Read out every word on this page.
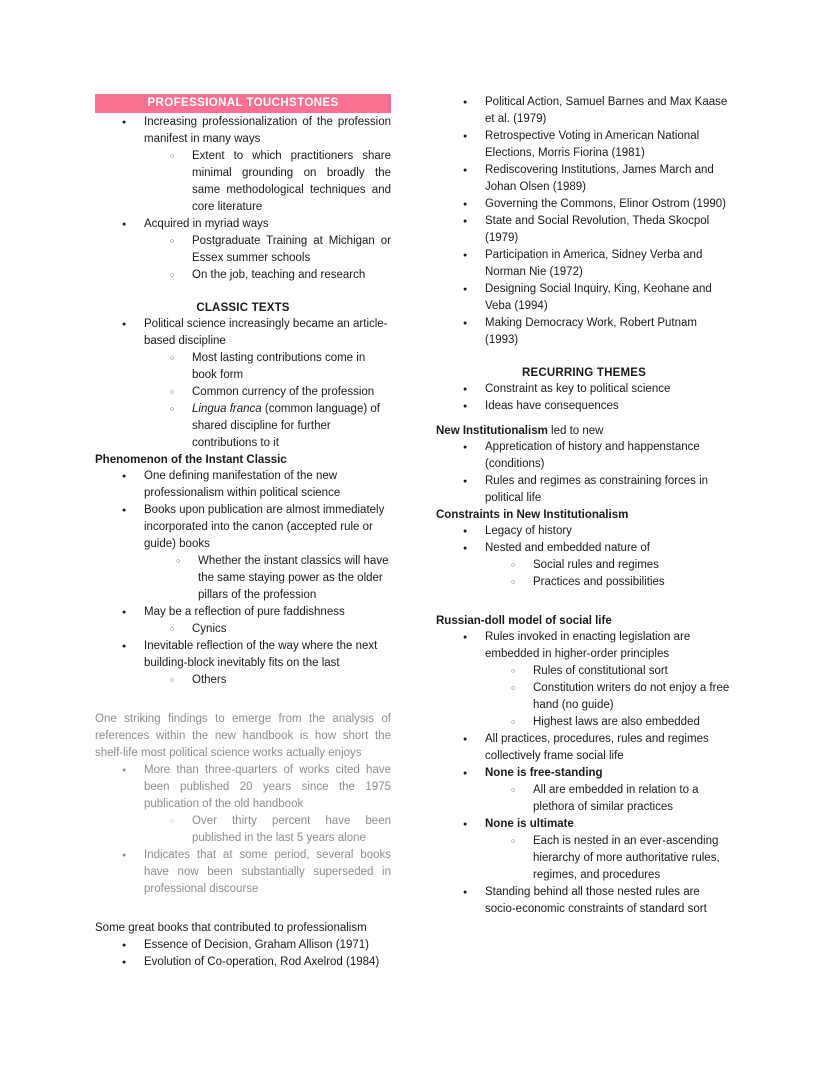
PROFESSIONAL TOUCHSTONES
● Increasing professionalization of the profession manifest in many ways
○ Extent to which practitioners share minimal grounding on broadly the same methodological techniques and core literature
● Acquired in myriad ways
○ Postgraduate Training at Michigan or Essex summer schools
○ On the job, teaching and research
CLASSIC TEXTS
● Political science increasingly became an article-based discipline
○ Most lasting contributions come in book form
○ Common currency of the profession
○ Lingua franca (common language) of shared discipline for further contributions to it
Phenomenon of the Instant Classic
● One defining manifestation of the new professionalism within political science
● Books upon publication are almost immediately incorporated into the canon (accepted rule or guide) books
○ Whether the instant classics will have the same staying power as the older pillars of the profession
● May be a reflection of pure faddishness
○ Cynics
● Inevitable reflection of the way where the next building-block inevitably fits on the last
○ Others
One striking findings to emerge from the analysis of references within the new handbook is how short the shelf-life most political science works actually enjoys
● More than three-quarters of works cited have been published 20 years since the 1975 publication of the old handbook
○ Over thirty percent have been published in the last 5 years alone
● Indicates that at some period, several books have now been substantially superseded in professional discourse
Some great books that contributed to professionalism
● Essence of Decision, Graham Allison (1971)
● Evolution of Co-operation, Rod Axelrod (1984)
● Political Action, Samuel Barnes and Max Kaase et al. (1979)
● Retrospective Voting in American National Elections, Morris Fiorina (1981)
● Rediscovering Institutions, James March and Johan Olsen (1989)
● Governing the Commons, Elinor Ostrom (1990)
● State and Social Revolution, Theda Skocpol (1979)
● Participation in America, Sidney Verba and Norman Nie (1972)
● Designing Social Inquiry, King, Keohane and Veba (1994)
● Making Democracy Work, Robert Putnam (1993)
RECURRING THEMES
● Constraint as key to political science
● Ideas have consequences
New Institutionalism led to new
● Appretication of history and happenstance (conditions)
● Rules and regimes as constraining forces in political life
Constraints in New Institutionalism
● Legacy of history
● Nested and embedded nature of
○ Social rules and regimes
○ Practices and possibilities
Russian-doll model of social life
● Rules invoked in enacting legislation are embedded in higher-order principles
○ Rules of constitutional sort
○ Constitution writers do not enjoy a free hand (no guide)
○ Highest laws are also embedded
● All practices, procedures, rules and regimes collectively frame social life
● None is free-standing
○ All are embedded in relation to a plethora of similar practices
● None is ultimate
○ Each is nested in an ever-ascending hierarchy of more authoritative rules, regimes, and procedures
● Standing behind all those nested rules are socio-economic constraints of standard sort
